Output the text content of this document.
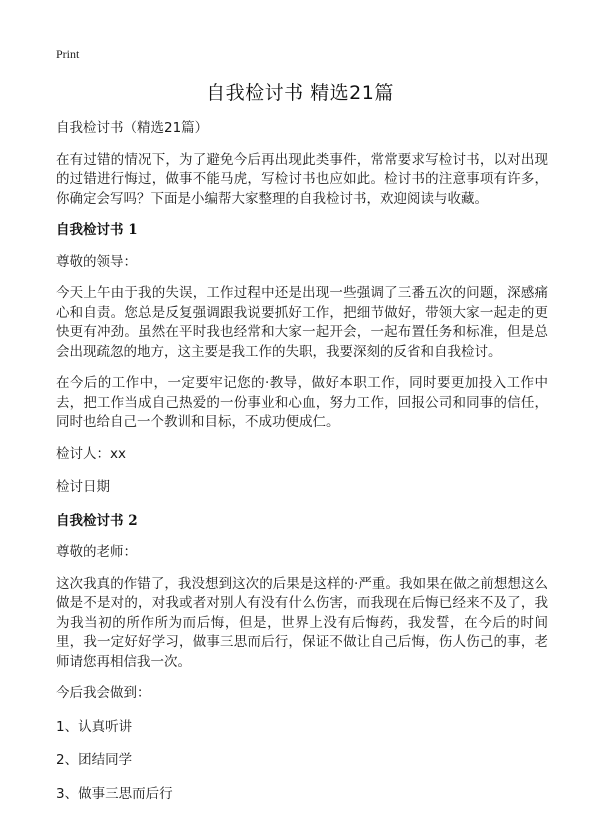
Print
自我检讨书 精选21篇

自我检讨书（精选21篇）

在有过错的情况下，为了避免今后再出现此类事件，常常要求写检讨书，以对出现的过错进行悔过，做事不能马虎，写检讨书也应如此。检讨书的注意事项有许多，你确定会写吗？下面是小编帮大家整理的自我检讨书，欢迎阅读与收藏。

自我检讨书 1

尊敬的领导：

今天上午由于我的失误，工作过程中还是出现一些强调了三番五次的问题，深感痛心和自责。您总是反复强调跟我说要抓好工作，把细节做好，带领大家一起走的更快更有冲劲。虽然在平时我也经常和大家一起开会，一起布置任务和标准，但是总会出现疏忽的地方，这主要是我工作的失职，我要深刻的反省和自我检讨。

在今后的工作中，一定要牢记您的·教导，做好本职工作，同时要更加投入工作中去，把工作当成自己热爱的一份事业和心血，努力工作，回报公司和同事的信任，同时也给自己一个教训和目标，不成功便成仁。

检讨人：xx

检讨日期

自我检讨书 2

尊敬的老师：

这次我真的作错了，我没想到这次的后果是这样的·严重。我如果在做之前想想这么做是不是对的，对我或者对别人有没有什么伤害，而我现在后悔已经来不及了，我为我当初的所作所为而后悔，但是，世界上没有后悔药，我发誓，在今后的时间里，我一定好好学习，做事三思而后行，保证不做让自己后悔，伤人伤己的事，老师请您再相信我一次。

今后我会做到：

1、认真听讲

2、团结同学

3、做事三思而后行
